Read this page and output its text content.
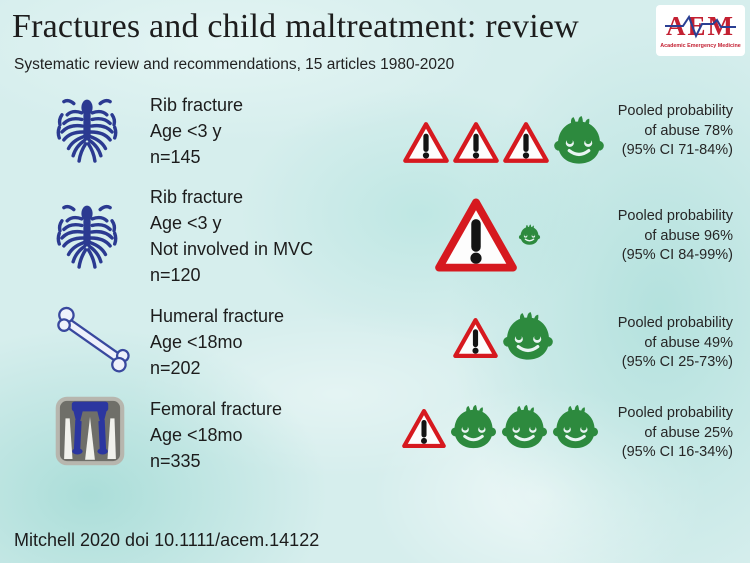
Fractures and child maltreatment: review
Systematic review and recommendations, 15 articles 1980-2020
AEM
Academic Emergency Medicine
Rib fracture
Age <3 y
n=145
Pooled probability
of abuse 78%
(95% CI 71-84%)
Rib fracture
Age <3 y
Not involved in MVC
n=120
Pooled probability
of abuse 96%
(95% CI 84-99%)
Humeral fracture
Age <18mo
n=202
Pooled probability
of abuse 49%
(95% CI 25-73%)
Femoral fracture
Age <18mo
n=335
Pooled probability
of abuse 25%
(95% CI 16-34%)
Mitchell 2020 doi 10.1111/acem.14122
